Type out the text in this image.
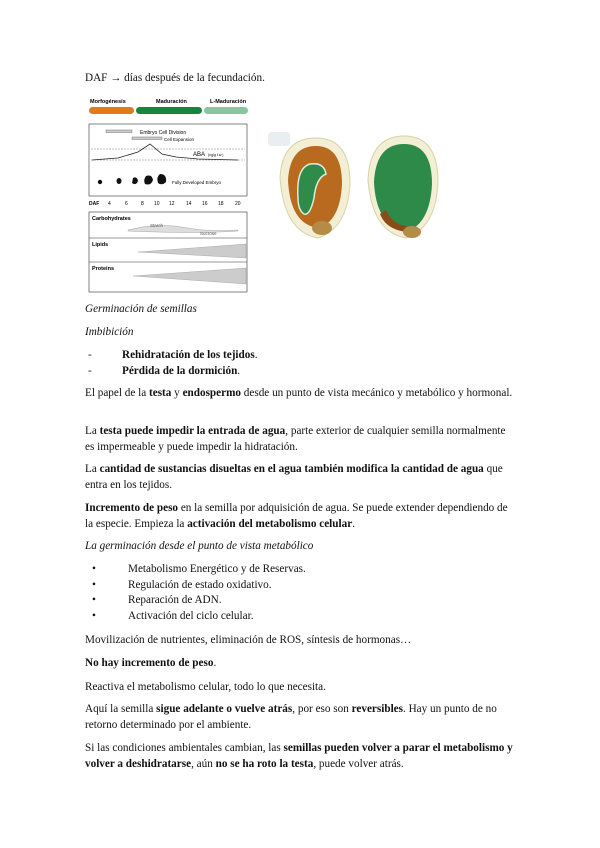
DAF → días después de la fecundación.

Morfogénesis	Maduración	L-Maduración
Embryo Cell Division
Cell Expansion
ABA (ng/g f.w.)
Fully Developed Embryo
DAF 4	6	8 10 12 14 16 18 20
Carbohydrates
Starch
Sucrose
Lipids
Proteins

Germinación de semillas

Imbibición

- Rehidratación de los tejidos.
- Pérdida de la dormición.

El papel de la testa y endospermo desde un punto de vista mecánico y metabólico y hormonal.

La testa puede impedir la entrada de agua, parte exterior de cualquier semilla normalmente es impermeable y puede impedir la hidratación.

La cantidad de sustancias disueltas en el agua también modifica la cantidad de agua que entra en los tejidos.

Incremento de peso en la semilla por adquisición de agua. Se puede extender dependiendo de la especie. Empieza la activación del metabolismo celular.

La germinación desde el punto de vista metabólico

• Metabolismo Energético y de Reservas.
• Regulación de estado oxidativo.
• Reparación de ADN.
• Activación del ciclo celular.

Movilización de nutrientes, eliminación de ROS, síntesis de hormonas…

No hay incremento de peso.

Reactiva el metabolismo celular, todo lo que necesita.

Aquí la semilla sigue adelante o vuelve atrás, por eso son reversibles. Hay un punto de no retorno determinado por el ambiente.

Si las condiciones ambientales cambian, las semillas pueden volver a parar el metabolismo y volver a deshidratarse, aún no se ha roto la testa, puede volver atrás.
